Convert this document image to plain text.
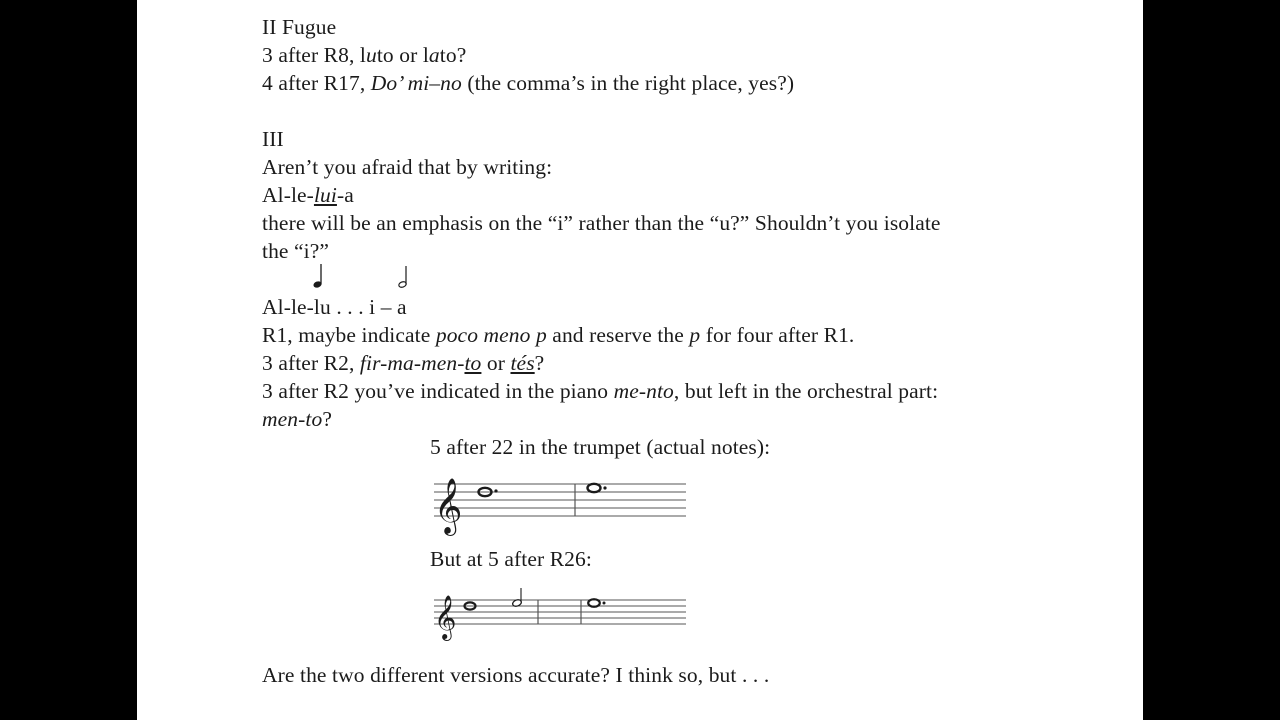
II Fugue
3 after R8, luto or lato?
4 after R17, Do’ mi–no (the comma’s in the right place, yes?)
III
Aren’t you afraid that by writing:
Al-le-lui-a
there will be an emphasis on the “i” rather than the “u?” Shouldn’t you isolate
the “i?”
Al-le-lu . . . i – a
R1, maybe indicate poco meno p and reserve the p for four after R1.
3 after R2, fir-ma-men-to or tés?
3 after R2 you’ve indicated in the piano me-nto, but left in the orchestral part:
men-to?
5 after 22 in the trumpet (actual notes):
𝄞
But at 5 after R26:
𝄞
Are the two different versions accurate? I think so, but . . .
